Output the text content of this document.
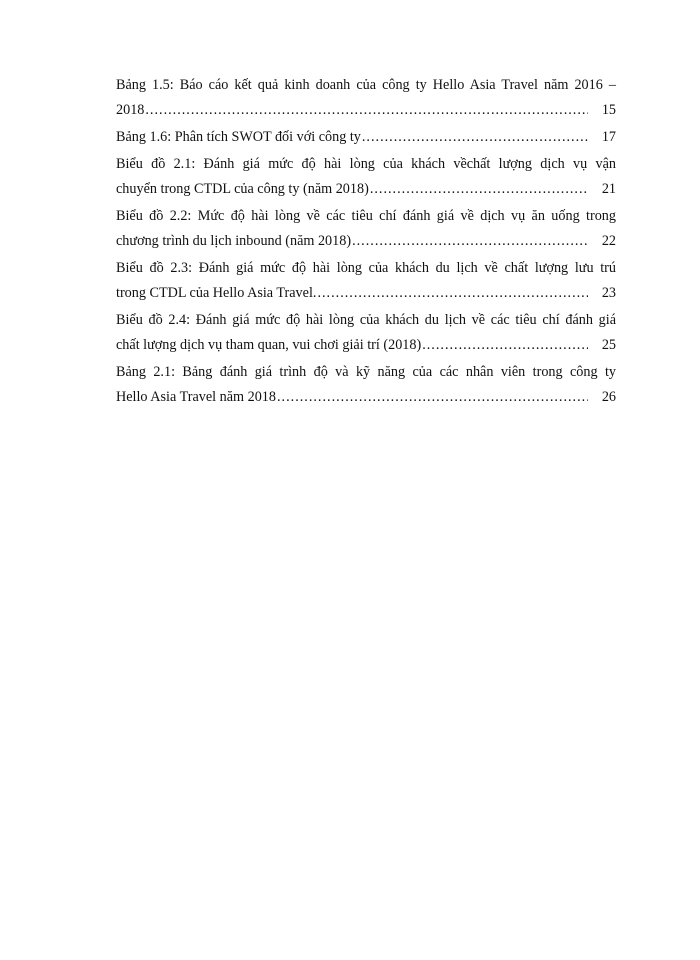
Bảng 1.5: Báo cáo kết quả kinh doanh của công ty Hello Asia Travel năm 2016 –
2018 .....	15
Bảng 1.6: Phân tích SWOT đối với công ty .....	17
Biểu đồ 2.1: Đánh giá mức độ hài lòng của khách vềchất lượng dịch vụ vận
chuyển trong CTDL của công ty (năm 2018) .....	21
Biểu đồ 2.2: Mức độ hài lòng về các tiêu chí đánh giá về dịch vụ ăn uống trong
chương trình du lịch inbound (năm 2018) .....	22
Biểu đồ 2.3: Đánh giá mức độ hài lòng của khách du lịch về chất lượng lưu trú
trong CTDL của Hello Asia Travel. .....	23
Biểu đồ 2.4: Đánh giá mức độ hài lòng của khách du lịch về các tiêu chí đánh giá
chất lượng dịch vụ tham quan, vui chơi giải trí (2018) .....	25
Bảng 2.1: Bảng đánh giá trình độ và kỹ năng của các nhân viên trong công ty
Hello Asia Travel năm 2018 .....	26
